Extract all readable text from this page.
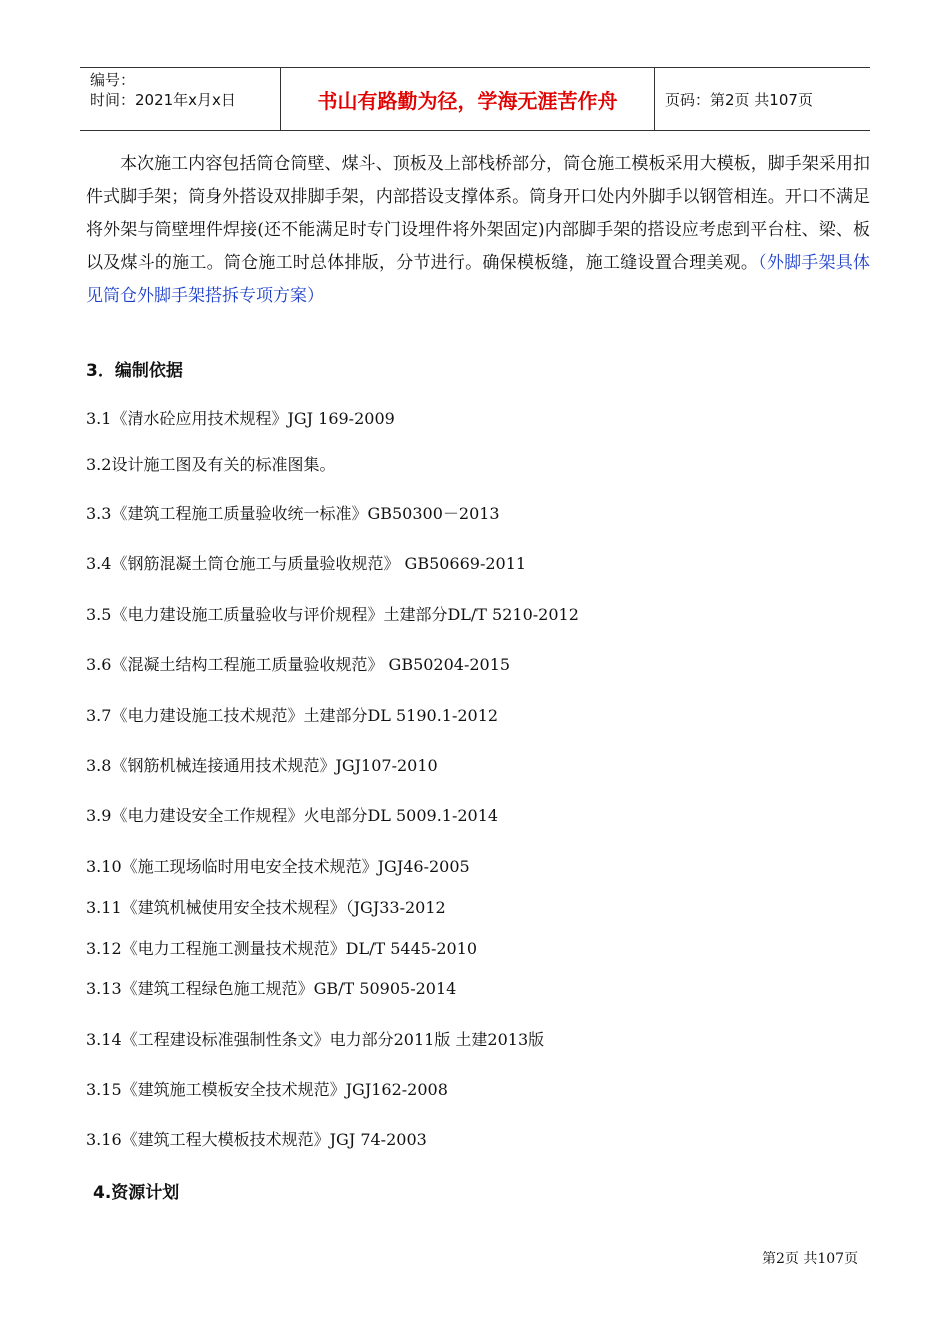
编号：
时间：2021年x月x日	书山有路勤为径，学海无涯苦作舟	页码：第2页 共107页

本次施工内容包括筒仓筒壁、煤斗、顶板及上部栈桥部分，筒仓施工模板采用大模板，脚手架采用扣件式脚手架；筒身外搭设双排脚手架，内部搭设支撑体系。筒身开口处内外脚手以钢管相连。开口不满足将外架与筒壁埋件焊接(还不能满足时专门设埋件将外架固定)内部脚手架的搭设应考虑到平台柱、梁、板以及煤斗的施工。筒仓施工时总体排版，分节进行。确保模板缝，施工缝设置合理美观。（外脚手架具体见筒仓外脚手架搭拆专项方案）

3．编制依据

3.1《清水砼应用技术规程》JGJ 169-2009

3.2设计施工图及有关的标准图集。

3.3《建筑工程施工质量验收统一标准》GB50300－2013

3.4《钢筋混凝土筒仓施工与质量验收规范》 GB50669-2011

3.5《电力建设施工质量验收与评价规程》土建部分DL/T 5210-2012

3.6《混凝土结构工程施工质量验收规范》 GB50204-2015

3.7《电力建设施工技术规范》土建部分DL 5190.1-2012

3.8《钢筋机械连接通用技术规范》JGJ107-2010

3.9《电力建设安全工作规程》火电部分DL 5009.1-2014

3.10《施工现场临时用电安全技术规范》JGJ46-2005

3.11《建筑机械使用安全技术规程》（JGJ33-2012

3.12《电力工程施工测量技术规范》DL/T 5445-2010

3.13《建筑工程绿色施工规范》GB/T 50905-2014

3.14《工程建设标准强制性条文》电力部分2011版 土建2013版

3.15《建筑施工模板安全技术规范》JGJ162-2008

3.16《建筑工程大模板技术规范》JGJ 74-2003

4.资源计划
第2页 共107页
